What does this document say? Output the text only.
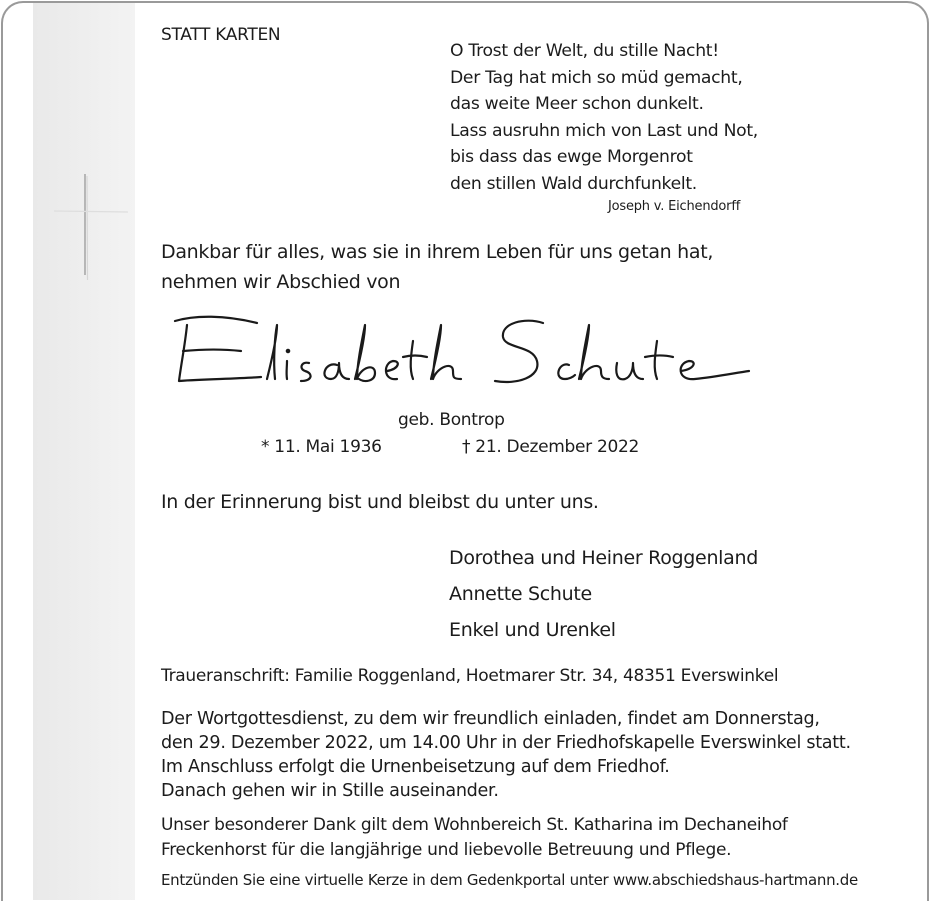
STATT KARTEN
O Trost der Welt, du stille Nacht!
Der Tag hat mich so müd gemacht,
das weite Meer schon dunkelt.
Lass ausruhn mich von Last und Not,
bis dass das ewge Morgenrot
den stillen Wald durchfunkelt.
Joseph v. Eichendorff
Dankbar für alles, was sie in ihrem Leben für uns getan hat,
nehmen wir Abschied von
geb. Bontrop
* 11. Mai 1936	† 21. Dezember 2022
In der Erinnerung bist und bleibst du unter uns.
Dorothea und Heiner Roggenland
Annette Schute
Enkel und Urenkel
Traueranschrift: Familie Roggenland, Hoetmarer Str. 34, 48351 Everswinkel
Der Wortgottesdienst, zu dem wir freundlich einladen, findet am Donnerstag,
den 29. Dezember 2022, um 14.00 Uhr in der Friedhofskapelle Everswinkel statt.
Im Anschluss erfolgt die Urnenbeisetzung auf dem Friedhof.
Danach gehen wir in Stille auseinander.
Unser besonderer Dank gilt dem Wohnbereich St. Katharina im Dechaneihof
Freckenhorst für die langjährige und liebevolle Betreuung und Pflege.
Entzünden Sie eine virtuelle Kerze in dem Gedenkportal unter www.abschiedshaus-hartmann.de
